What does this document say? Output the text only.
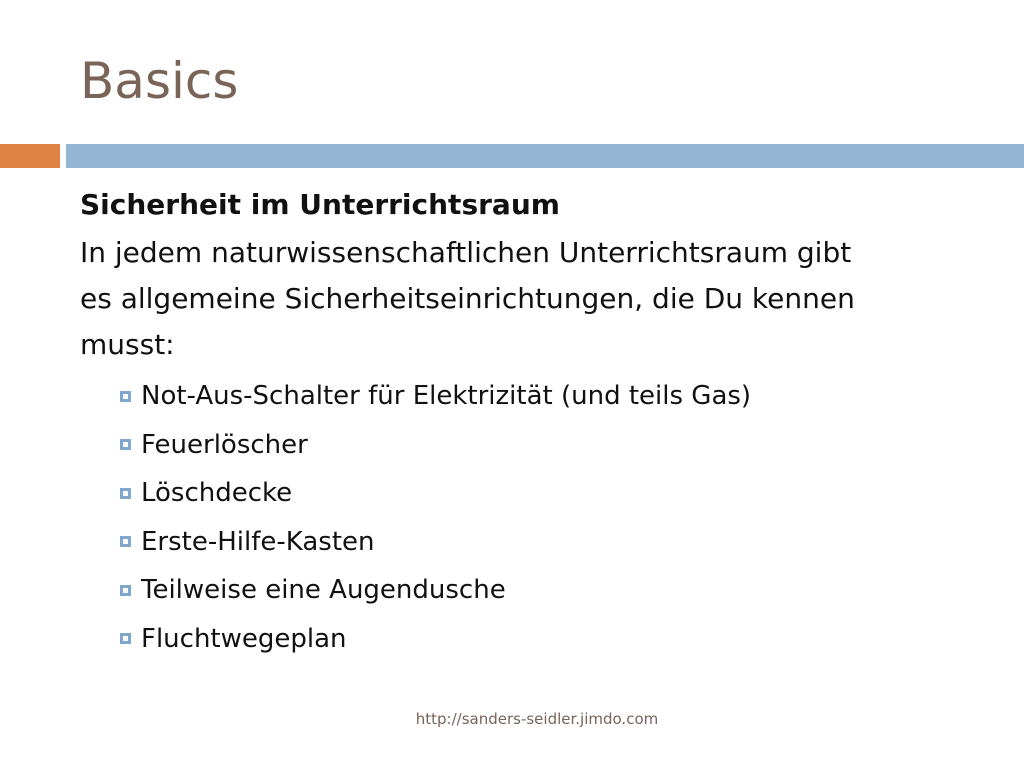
Basics
Sicherheit im Unterrichtsraum

In jedem naturwissenschaftlichen Unterrichtsraum gibt
es allgemeine Sicherheitseinrichtungen, die Du kennen
musst:

Not-Aus-Schalter für Elektrizität (und teils Gas)
Feuerlöscher
Löschdecke
Erste-Hilfe-Kasten
Teilweise eine Augendusche
Fluchtwegeplan
http://sanders-seidler.jimdo.com
